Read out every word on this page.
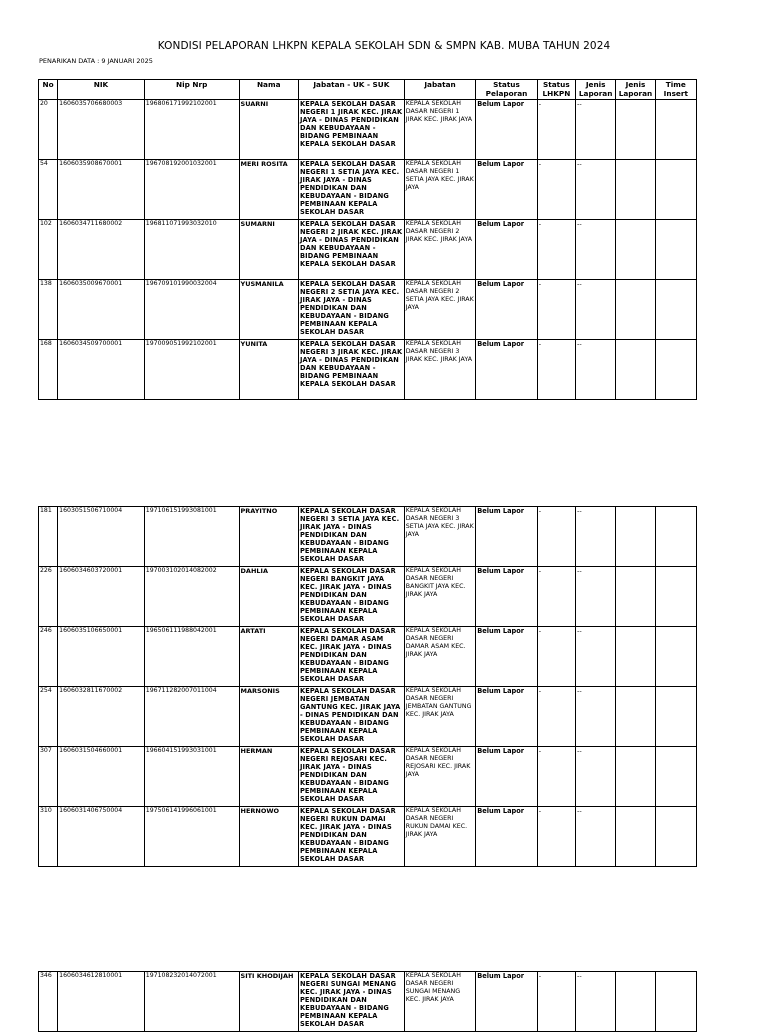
KONDISI PELAPORAN LHKPN KEPALA SEKOLAH SDN & SMPN KAB. MUBA TAHUN 2024
PENARIKAN DATA : 9 JANUARI 2025
No	NIK	Nip Nrp	Nama	Jabatan - UK - SUK	Jabatan	Status Pelaporan	Status LHKPN	Jenis Laporan	Jenis Laporan	Time Insert
20	1606035706680003	196806171992102001	SUARNI	KEPALA SEKOLAH DASAR NEGERI 1 JIRAK KEC. JIRAK JAYA - DINAS PENDIDIKAN DAN KEBUDAYAAN - BIDANG PEMBINAAN KEPALA SEKOLAH DASAR	KEPALA SEKOLAH DASAR NEGERI 1 JIRAK KEC. JIRAK JAYA	Belum Lapor	-	--		
54	1606035908670001	196708192001032001	MERI ROSITA	KEPALA SEKOLAH DASAR NEGERI 1 SETIA JAYA KEC. JIRAK JAYA - DINAS PENDIDIKAN DAN KEBUDAYAAN - BIDANG PEMBINAAN KEPALA SEKOLAH DASAR	KEPALA SEKOLAH DASAR NEGERI 1 SETIA JAYA KEC. JIRAK JAYA	Belum Lapor	-	--		
102	1606034711680002	196811071993032010	SUMARNI	KEPALA SEKOLAH DASAR NEGERI 2 JIRAK KEC. JIRAK JAYA - DINAS PENDIDIKAN DAN KEBUDAYAAN - BIDANG PEMBINAAN KEPALA SEKOLAH DASAR	KEPALA SEKOLAH DASAR NEGERI 2 JIRAK KEC. JIRAK JAYA	Belum Lapor	-	--		
138	1606035009670001	196709101990032004	YUSMANILA	KEPALA SEKOLAH DASAR NEGERI 2 SETIA JAYA KEC. JIRAK JAYA - DINAS PENDIDIKAN DAN KEBUDAYAAN - BIDANG PEMBINAAN KEPALA SEKOLAH DASAR	KEPALA SEKOLAH DASAR NEGERI 2 SETIA JAYA KEC. JIRAK JAYA	Belum Lapor	-	--		
168	1606034509700001	197009051992102001	YUNITA	KEPALA SEKOLAH DASAR NEGERI 3 JIRAK KEC. JIRAK JAYA - DINAS PENDIDIKAN DAN KEBUDAYAAN - BIDANG PEMBINAAN KEPALA SEKOLAH DASAR	KEPALA SEKOLAH DASAR NEGERI 3 JIRAK KEC. JIRAK JAYA	Belum Lapor	-	--		
181	1603051506710004	197106151993081001	PRAYITNO	KEPALA SEKOLAH DASAR NEGERI 3 SETIA JAYA KEC. JIRAK JAYA - DINAS PENDIDIKAN DAN KEBUDAYAAN - BIDANG PEMBINAAN KEPALA SEKOLAH DASAR	KEPALA SEKOLAH DASAR NEGERI 3 SETIA JAYA KEC. JIRAK JAYA	Belum Lapor	-	--		
226	1606034603720001	197003102014082002	DAHLIA	KEPALA SEKOLAH DASAR NEGERI BANGKIT JAYA KEC. JIRAK JAYA - DINAS PENDIDIKAN DAN KEBUDAYAAN - BIDANG PEMBINAAN KEPALA SEKOLAH DASAR	KEPALA SEKOLAH DASAR NEGERI BANGKIT JAYA KEC. JIRAK JAYA	Belum Lapor	-	--		
246	1606035106650001	196506111988042001	ARTATI	KEPALA SEKOLAH DASAR NEGERI DAMAR ASAM KEC. JIRAK JAYA - DINAS PENDIDIKAN DAN KEBUDAYAAN - BIDANG PEMBINAAN KEPALA SEKOLAH DASAR	KEPALA SEKOLAH DASAR NEGERI DAMAR ASAM KEC. JIRAK JAYA	Belum Lapor	-	--		
254	1606032811670002	196711282007011004	MARSONIS	KEPALA SEKOLAH DASAR NEGERI JEMBATAN GANTUNG KEC. JIRAK JAYA - DINAS PENDIDIKAN DAN KEBUDAYAAN - BIDANG PEMBINAAN KEPALA SEKOLAH DASAR	KEPALA SEKOLAH DASAR NEGERI JEMBATAN GANTUNG KEC. JIRAK JAYA	Belum Lapor	-	--		
307	1606031504660001	196604151993031001	HERMAN	KEPALA SEKOLAH DASAR NEGERI REJOSARI KEC. JIRAK JAYA - DINAS PENDIDIKAN DAN KEBUDAYAAN - BIDANG PEMBINAAN KEPALA SEKOLAH DASAR	KEPALA SEKOLAH DASAR NEGERI REJOSARI KEC. JIRAK JAYA	Belum Lapor	-	--		
310	1606031406750004	197506141996061001	HERNOWO	KEPALA SEKOLAH DASAR NEGERI RUKUN DAMAI KEC. JIRAK JAYA - DINAS PENDIDIKAN DAN KEBUDAYAAN - BIDANG PEMBINAAN KEPALA SEKOLAH DASAR	KEPALA SEKOLAH DASAR NEGERI RUKUN DAMAI KEC. JIRAK JAYA	Belum Lapor	-	--		
346	1606034612810001	197108232014072001	SITI KHODIJAH	KEPALA SEKOLAH DASAR NEGERI SUNGAI MENANG KEC. JIRAK JAYA - DINAS PENDIDIKAN DAN KEBUDAYAAN - BIDANG PEMBINAAN KEPALA SEKOLAH DASAR	KEPALA SEKOLAH DASAR NEGERI SUNGAI MENANG KEC. JIRAK JAYA	Belum Lapor	-	--		
